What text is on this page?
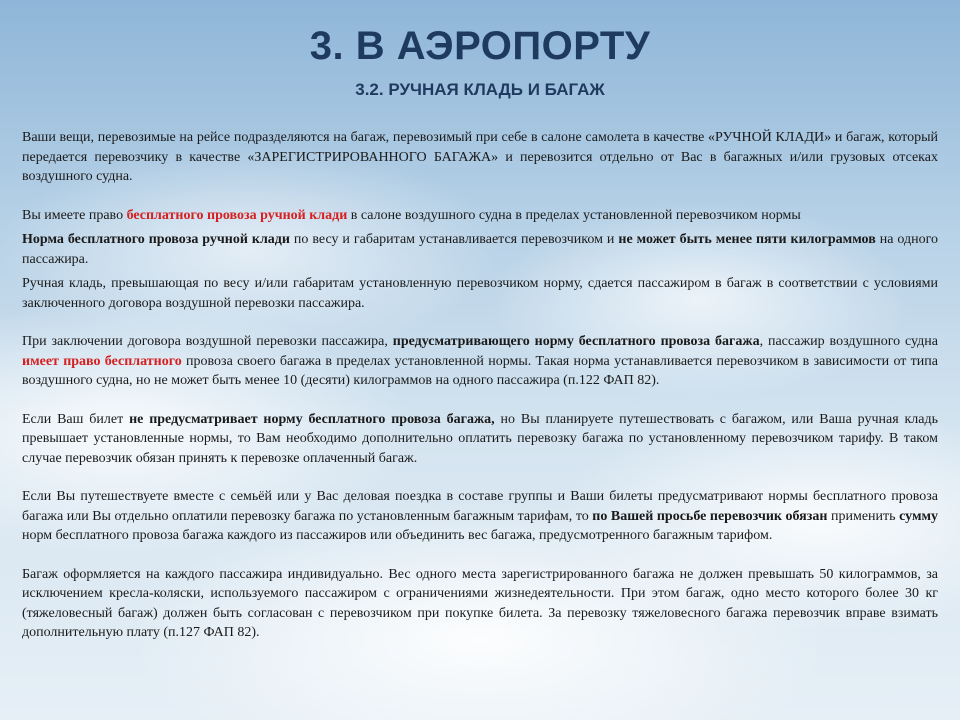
3. В АЭРОПОРТУ
3.2. РУЧНАЯ КЛАДЬ И БАГАЖ

Ваши вещи, перевозимые на рейсе подразделяются на багаж, перевозимый при себе в салоне самолета в качестве «РУЧНОЙ КЛАДИ» и багаж, который передается перевозчику в качестве «ЗАРЕГИСТРИРОВАННОГО БАГАЖА» и перевозится отдельно от Вас в багажных и/или грузовых отсеках воздушного судна.

Вы имеете право бесплатного провоза ручной клади в салоне воздушного судна в пределах установленной перевозчиком нормы

Норма бесплатного провоза ручной клади по весу и габаритам устанавливается перевозчиком и не может быть менее пяти килограммов на одного пассажира.

Ручная кладь, превышающая по весу и/или габаритам установленную перевозчиком норму, сдается пассажиром в багаж в соответствии с условиями заключенного договора воздушной перевозки пассажира.

При заключении договора воздушной перевозки пассажира, предусматривающего норму бесплатного провоза багажа, пассажир воздушного судна имеет право бесплатного провоза своего багажа в пределах установленной нормы. Такая норма устанавливается перевозчиком в зависимости от типа воздушного судна, но не может быть менее 10 (десяти) килограммов на одного пассажира (п.122 ФАП 82).

Если Ваш билет не предусматривает норму бесплатного провоза багажа, но Вы планируете путешествовать с багажом, или Ваша ручная кладь превышает установленные нормы, то Вам необходимо дополнительно оплатить перевозку багажа по установленному перевозчиком тарифу. В таком случае перевозчик обязан принять к перевозке оплаченный багаж.

Если Вы путешествуете вместе с семьёй или у Вас деловая поездка в составе группы и Ваши билеты предусматривают нормы бесплатного провоза багажа или Вы отдельно оплатили перевозку багажа по установленным багажным тарифам, то по Вашей просьбе перевозчик обязан применить сумму норм бесплатного провоза багажа каждого из пассажиров или объединить вес багажа, предусмотренного багажным тарифом.

Багаж оформляется на каждого пассажира индивидуально. Вес одного места зарегистрированного багажа не должен превышать 50 килограммов, за исключением кресла-коляски, используемого пассажиром с ограничениями жизнедеятельности. При этом багаж, одно место которого более 30 кг (тяжеловесный багаж) должен быть согласован с перевозчиком при покупке билета. За перевозку тяжеловесного багажа перевозчик вправе взимать дополнительную плату (п.127 ФАП 82).
